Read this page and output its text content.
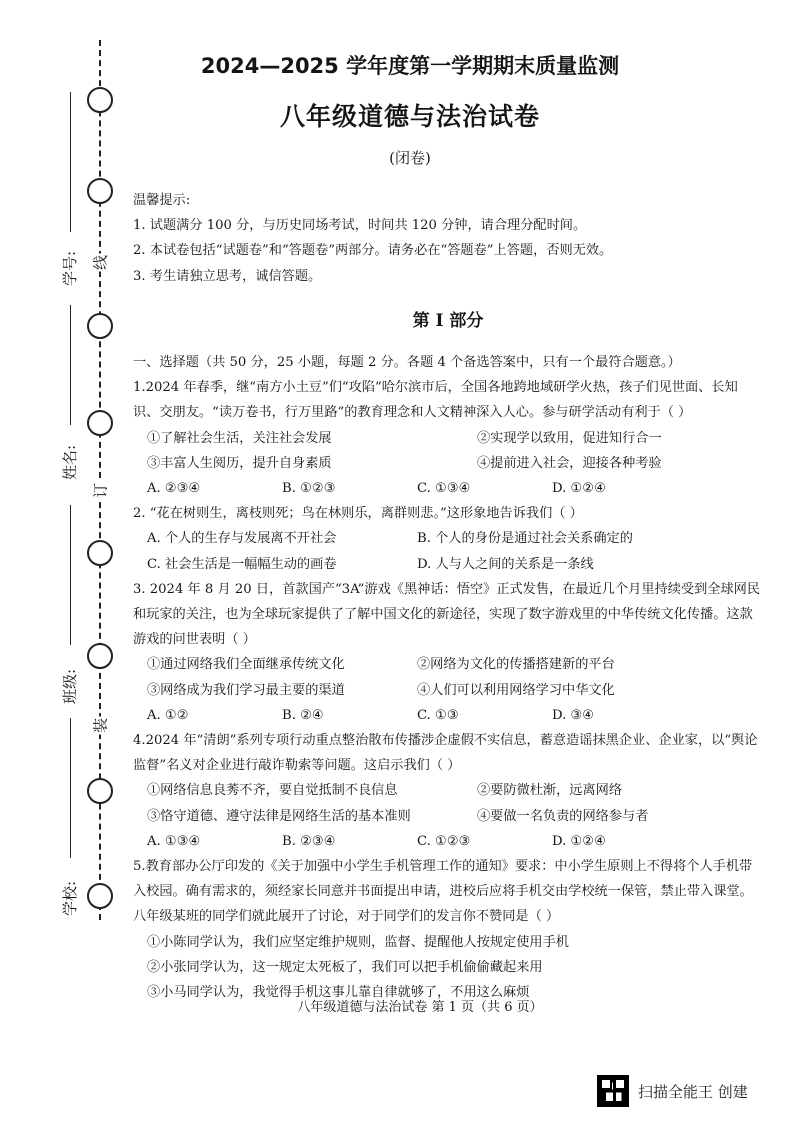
线
订
装
学号:
姓名:
班级:
学校:
2024—2025 学年度第一学期期末质量监测
八年级道德与法治试卷
(闭卷)

温馨提示:

1. 试题满分 100 分，与历史同场考试，时间共 120 分钟，请合理分配时间。

2. 本试卷包括“试题卷”和“答题卷”两部分。请务必在“答题卷”上答题，否则无效。

3. 考生请独立思考，诚信答题。

第 I 部分

一、选择题（共 50 分，25 小题，每题 2 分。各题 4 个备选答案中，只有一个最符合题意。）

1.2024 年春季，继“南方小土豆”们“攻陷”哈尔滨市后，全国各地跨地域研学火热，孩子们见世面、长知识、交朋友。“读万卷书，行万里路”的教育理念和人文精神深入人心。参与研学活动有利于（ ）

①了解社会生活，关注社会发展	②实现学以致用，促进知行合一
③丰富人生阅历，提升自身素质	④提前进入社会，迎接各种考验
A. ②③④	B. ①②③	C. ①③④	D. ①②④

2. “花在树则生，离枝则死；鸟在林则乐，离群则悲。”这形象地告诉我们（ ）

A. 个人的生存与发展离不开社会	B. 个人的身份是通过社会关系确定的
C. 社会生活是一幅幅生动的画卷	D. 人与人之间的关系是一条线

3. 2024 年 8 月 20 日，首款国产“3A”游戏《黑神话：悟空》正式发售，在最近几个月里持续受到全球网民和玩家的关注，也为全球玩家提供了了解中国文化的新途径，实现了数字游戏里的中华传统文化传播。这款游戏的问世表明（ ）

①通过网络我们全面继承传统文化	②网络为文化的传播搭建新的平台
③网络成为我们学习最主要的渠道	④人们可以利用网络学习中华文化
A. ①②	B. ②④	C. ①③	D. ③④

4.2024 年“清朗”系列专项行动重点整治散布传播涉企虚假不实信息，蓄意造谣抹黑企业、企业家，以“舆论监督”名义对企业进行敲诈勒索等问题。这启示我们（ ）

①网络信息良莠不齐，要自觉抵制不良信息	②要防微杜渐，远离网络
③恪守道德、遵守法律是网络生活的基本准则	④要做一名负责的网络参与者
A. ①③④	B. ②③④	C. ①②③	D. ①②④

5.教育部办公厅印发的《关于加强中小学生手机管理工作的通知》要求：中小学生原则上不得将个人手机带入校园。确有需求的，须经家长同意并书面提出申请，进校后应将手机交由学校统一保管，禁止带入课堂。八年级某班的同学们就此展开了讨论，对于同学们的发言你不赞同是（ ）

①小陈同学认为，我们应坚定维护规则，监督、提醒他人按规定使用手机

②小张同学认为，这一规定太死板了，我们可以把手机偷偷藏起来用

③小马同学认为，我觉得手机这事儿靠自律就够了，不用这么麻烦

八年级道德与法治试卷 第 1 页（共 6 页）
扫描全能王 创建
